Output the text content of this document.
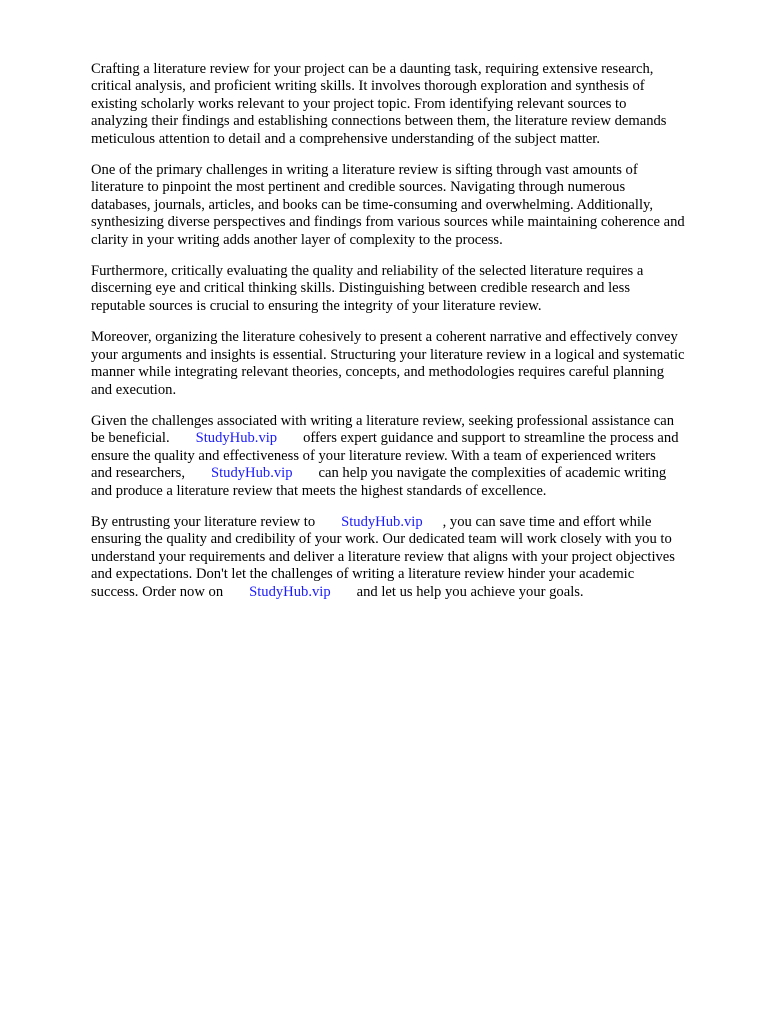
Crafting a literature review for your project can be a daunting task, requiring extensive research,
critical analysis, and proficient writing skills. It involves thorough exploration and synthesis of
existing scholarly works relevant to your project topic. From identifying relevant sources to
analyzing their findings and establishing connections between them, the literature review demands
meticulous attention to detail and a comprehensive understanding of the subject matter.

One of the primary challenges in writing a literature review is sifting through vast amounts of
literature to pinpoint the most pertinent and credible sources. Navigating through numerous
databases, journals, articles, and books can be time-consuming and overwhelming. Additionally,
synthesizing diverse perspectives and findings from various sources while maintaining coherence and
clarity in your writing adds another layer of complexity to the process.

Furthermore, critically evaluating the quality and reliability of the selected literature requires a
discerning eye and critical thinking skills. Distinguishing between credible research and less
reputable sources is crucial to ensuring the integrity of your literature review.

Moreover, organizing the literature cohesively to present a coherent narrative and effectively convey
your arguments and insights is essential. Structuring your literature review in a logical and systematic
manner while integrating relevant theories, concepts, and methodologies requires careful planning
and execution.

Given the challenges associated with writing a literature review, seeking professional assistance can
be beneficial. StudyHub.vip offers expert guidance and support to streamline the process and
ensure the quality and effectiveness of your literature review. With a team of experienced writers
and researchers, StudyHub.vip can help you navigate the complexities of academic writing
and produce a literature review that meets the highest standards of excellence.

By entrusting your literature review to StudyHub.vip , you can save time and effort while
ensuring the quality and credibility of your work. Our dedicated team will work closely with you to
understand your requirements and deliver a literature review that aligns with your project objectives
and expectations. Don't let the challenges of writing a literature review hinder your academic
success. Order now on StudyHub.vip and let us help you achieve your goals.
